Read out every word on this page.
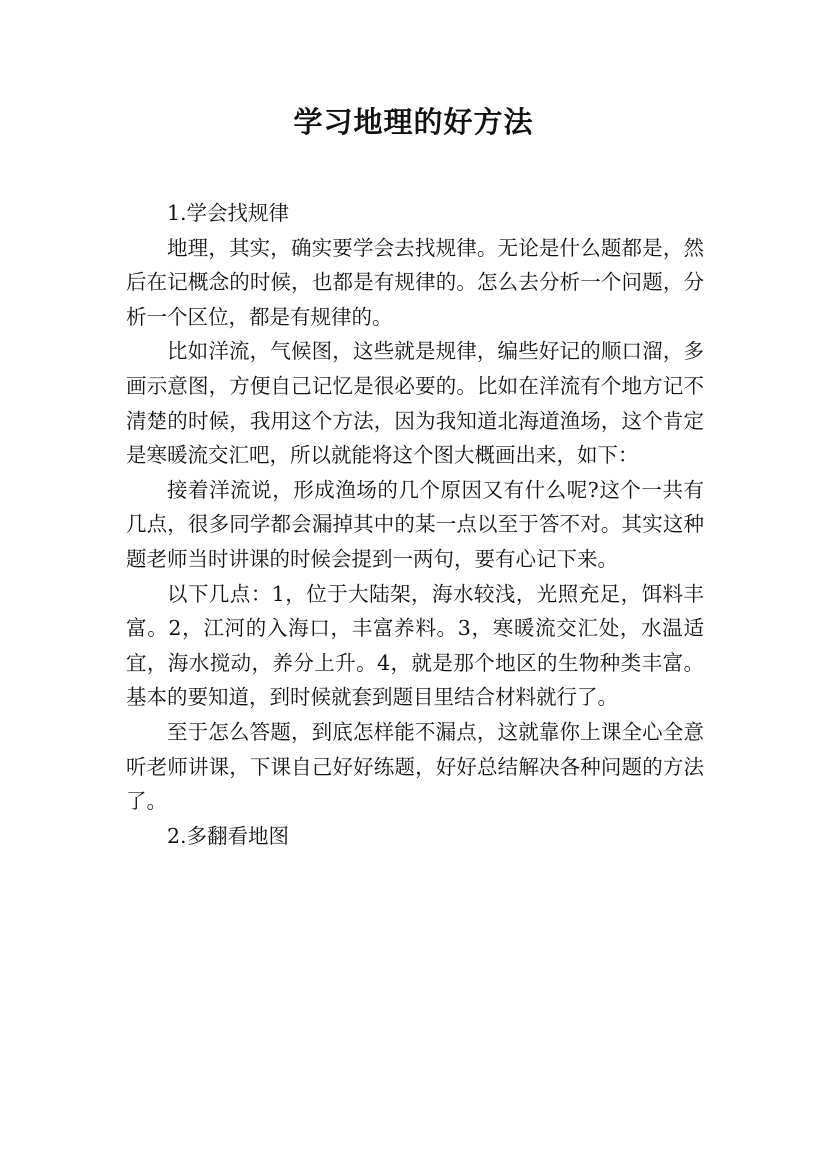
学习地理的好方法

1.学会找规律

地理，其实，确实要学会去找规律。无论是什么题都是，然后在记概念的时候，也都是有规律的。怎么去分析一个问题，分析一个区位，都是有规律的。

比如洋流，气候图，这些就是规律，编些好记的顺口溜，多画示意图，方便自己记忆是很必要的。比如在洋流有个地方记不清楚的时候，我用这个方法，因为我知道北海道渔场，这个肯定是寒暖流交汇吧，所以就能将这个图大概画出来，如下：

接着洋流说，形成渔场的几个原因又有什么呢?这个一共有几点，很多同学都会漏掉其中的某一点以至于答不对。其实这种题老师当时讲课的时候会提到一两句，要有心记下来。

以下几点：1，位于大陆架，海水较浅，光照充足，饵料丰富。2，江河的入海口，丰富养料。3，寒暖流交汇处，水温适宜，海水搅动，养分上升。4，就是那个地区的生物种类丰富。基本的要知道，到时候就套到题目里结合材料就行了。

至于怎么答题，到底怎样能不漏点，这就靠你上课全心全意听老师讲课，下课自己好好练题，好好总结解决各种问题的方法了。

2.多翻看地图
